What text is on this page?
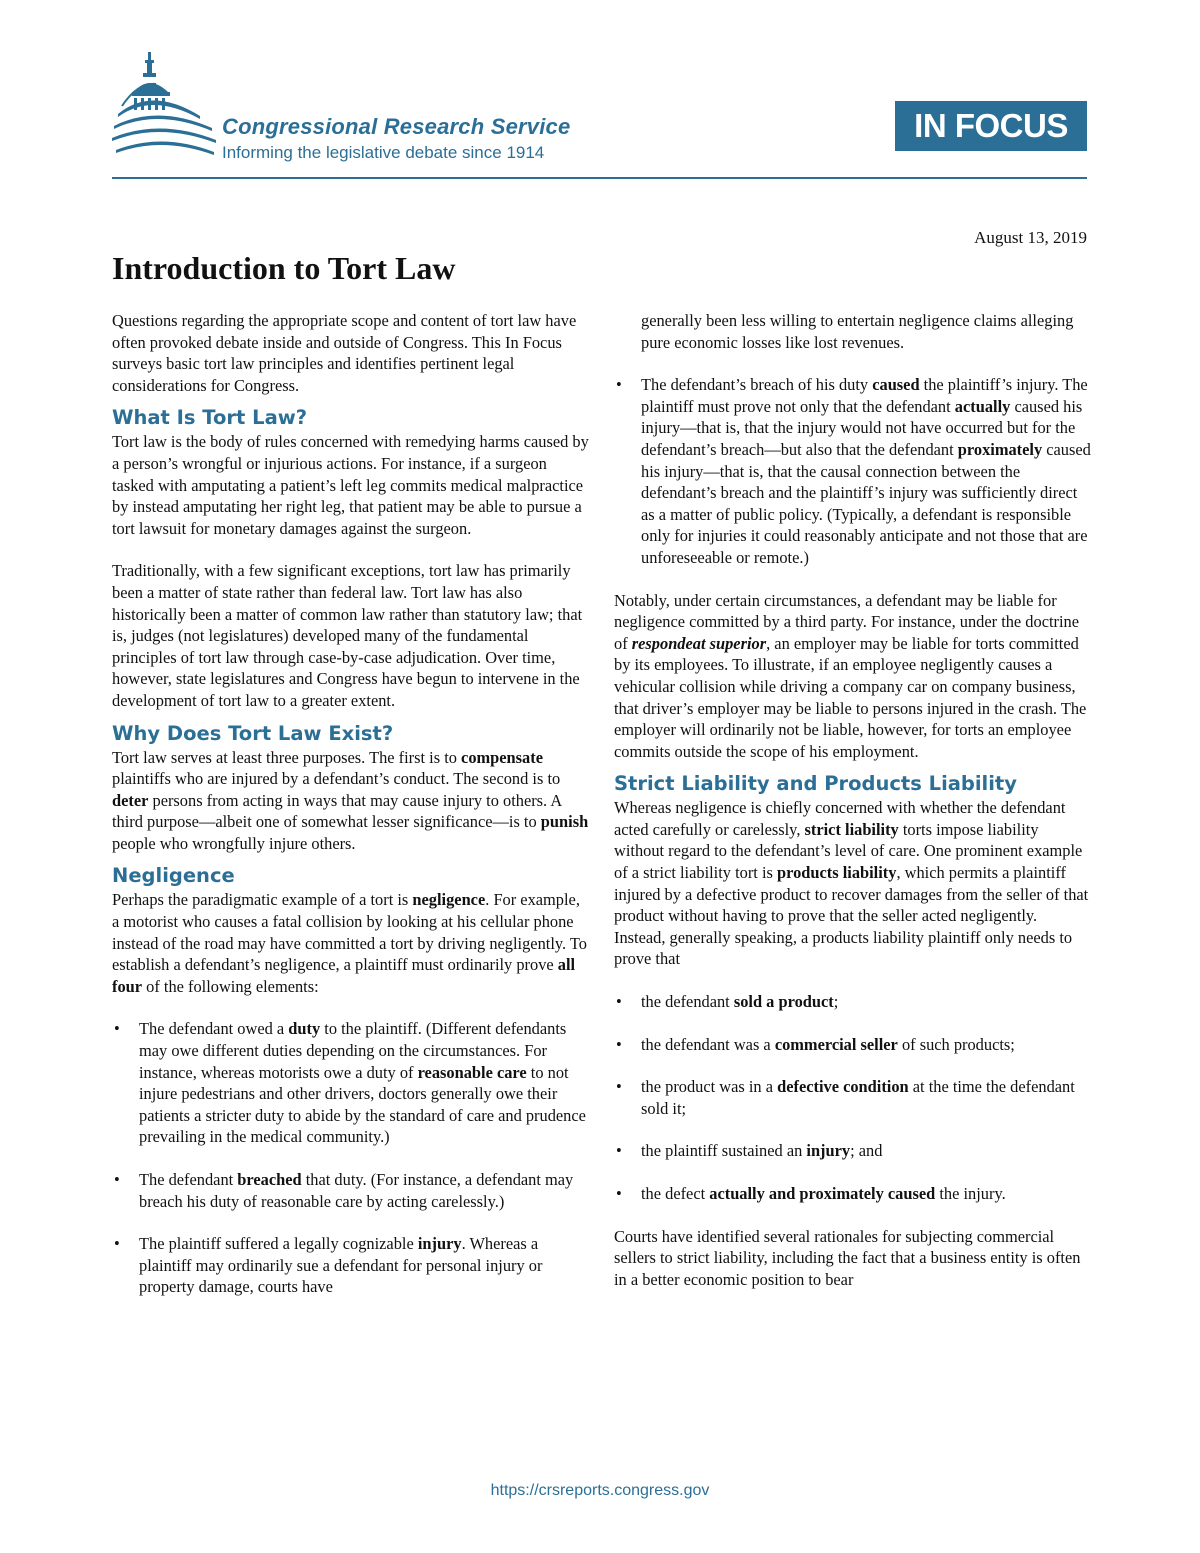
Congressional Research Service
Informing the legislative debate since 1914
IN FOCUS
August 13, 2019
Introduction to Tort Law

Questions regarding the appropriate scope and content of tort law have often provoked debate inside and outside of Congress. This In Focus surveys basic tort law principles and identifies pertinent legal considerations for Congress.

What Is Tort Law?

Tort law is the body of rules concerned with remedying harms caused by a person’s wrongful or injurious actions. For instance, if a surgeon tasked with amputating a patient’s left leg commits medical malpractice by instead amputating her right leg, that patient may be able to pursue a tort lawsuit for monetary damages against the surgeon.

Traditionally, with a few significant exceptions, tort law has primarily been a matter of state rather than federal law. Tort law has also historically been a matter of common law rather than statutory law; that is, judges (not legislatures) developed many of the fundamental principles of tort law through case-by-case adjudication. Over time, however, state legislatures and Congress have begun to intervene in the development of tort law to a greater extent.

Why Does Tort Law Exist?

Tort law serves at least three purposes. The first is to compensate plaintiffs who are injured by a defendant’s conduct. The second is to deter persons from acting in ways that may cause injury to others. A third purpose—albeit one of somewhat lesser significance—is to punish people who wrongfully injure others.

Negligence

Perhaps the paradigmatic example of a tort is negligence. For example, a motorist who causes a fatal collision by looking at his cellular phone instead of the road may have committed a tort by driving negligently. To establish a defendant’s negligence, a plaintiff must ordinarily prove all four of the following elements:

• The defendant owed a duty to the plaintiff. (Different defendants may owe different duties depending on the circumstances. For instance, whereas motorists owe a duty of reasonable care to not injure pedestrians and other drivers, doctors generally owe their patients a stricter duty to abide by the standard of care and prudence prevailing in the medical community.)
• The defendant breached that duty. (For instance, a defendant may breach his duty of reasonable care by acting carelessly.)
• The plaintiff suffered a legally cognizable injury. Whereas a plaintiff may ordinarily sue a defendant for personal injury or property damage, courts have
generally been less willing to entertain negligence claims alleging pure economic losses like lost revenues.
• The defendant’s breach of his duty caused the plaintiff’s injury. The plaintiff must prove not only that the defendant actually caused his injury—that is, that the injury would not have occurred but for the defendant’s breach—but also that the defendant proximately caused his injury—that is, that the causal connection between the defendant’s breach and the plaintiff’s injury was sufficiently direct as a matter of public policy. (Typically, a defendant is responsible only for injuries it could reasonably anticipate and not those that are unforeseeable or remote.)

Notably, under certain circumstances, a defendant may be liable for negligence committed by a third party. For instance, under the doctrine of respondeat superior, an employer may be liable for torts committed by its employees. To illustrate, if an employee negligently causes a vehicular collision while driving a company car on company business, that driver’s employer may be liable to persons injured in the crash. The employer will ordinarily not be liable, however, for torts an employee commits outside the scope of his employment.

Strict Liability and Products Liability

Whereas negligence is chiefly concerned with whether the defendant acted carefully or carelessly, strict liability torts impose liability without regard to the defendant’s level of care. One prominent example of a strict liability tort is products liability, which permits a plaintiff injured by a defective product to recover damages from the seller of that product without having to prove that the seller acted negligently. Instead, generally speaking, a products liability plaintiff only needs to prove that

• the defendant sold a product;
• the defendant was a commercial seller of such products;
• the product was in a defective condition at the time the defendant sold it;
• the plaintiff sustained an injury; and
• the defect actually and proximately caused the injury.

Courts have identified several rationales for subjecting commercial sellers to strict liability, including the fact that a business entity is often in a better economic position to bear

https://crsreports.congress.gov
